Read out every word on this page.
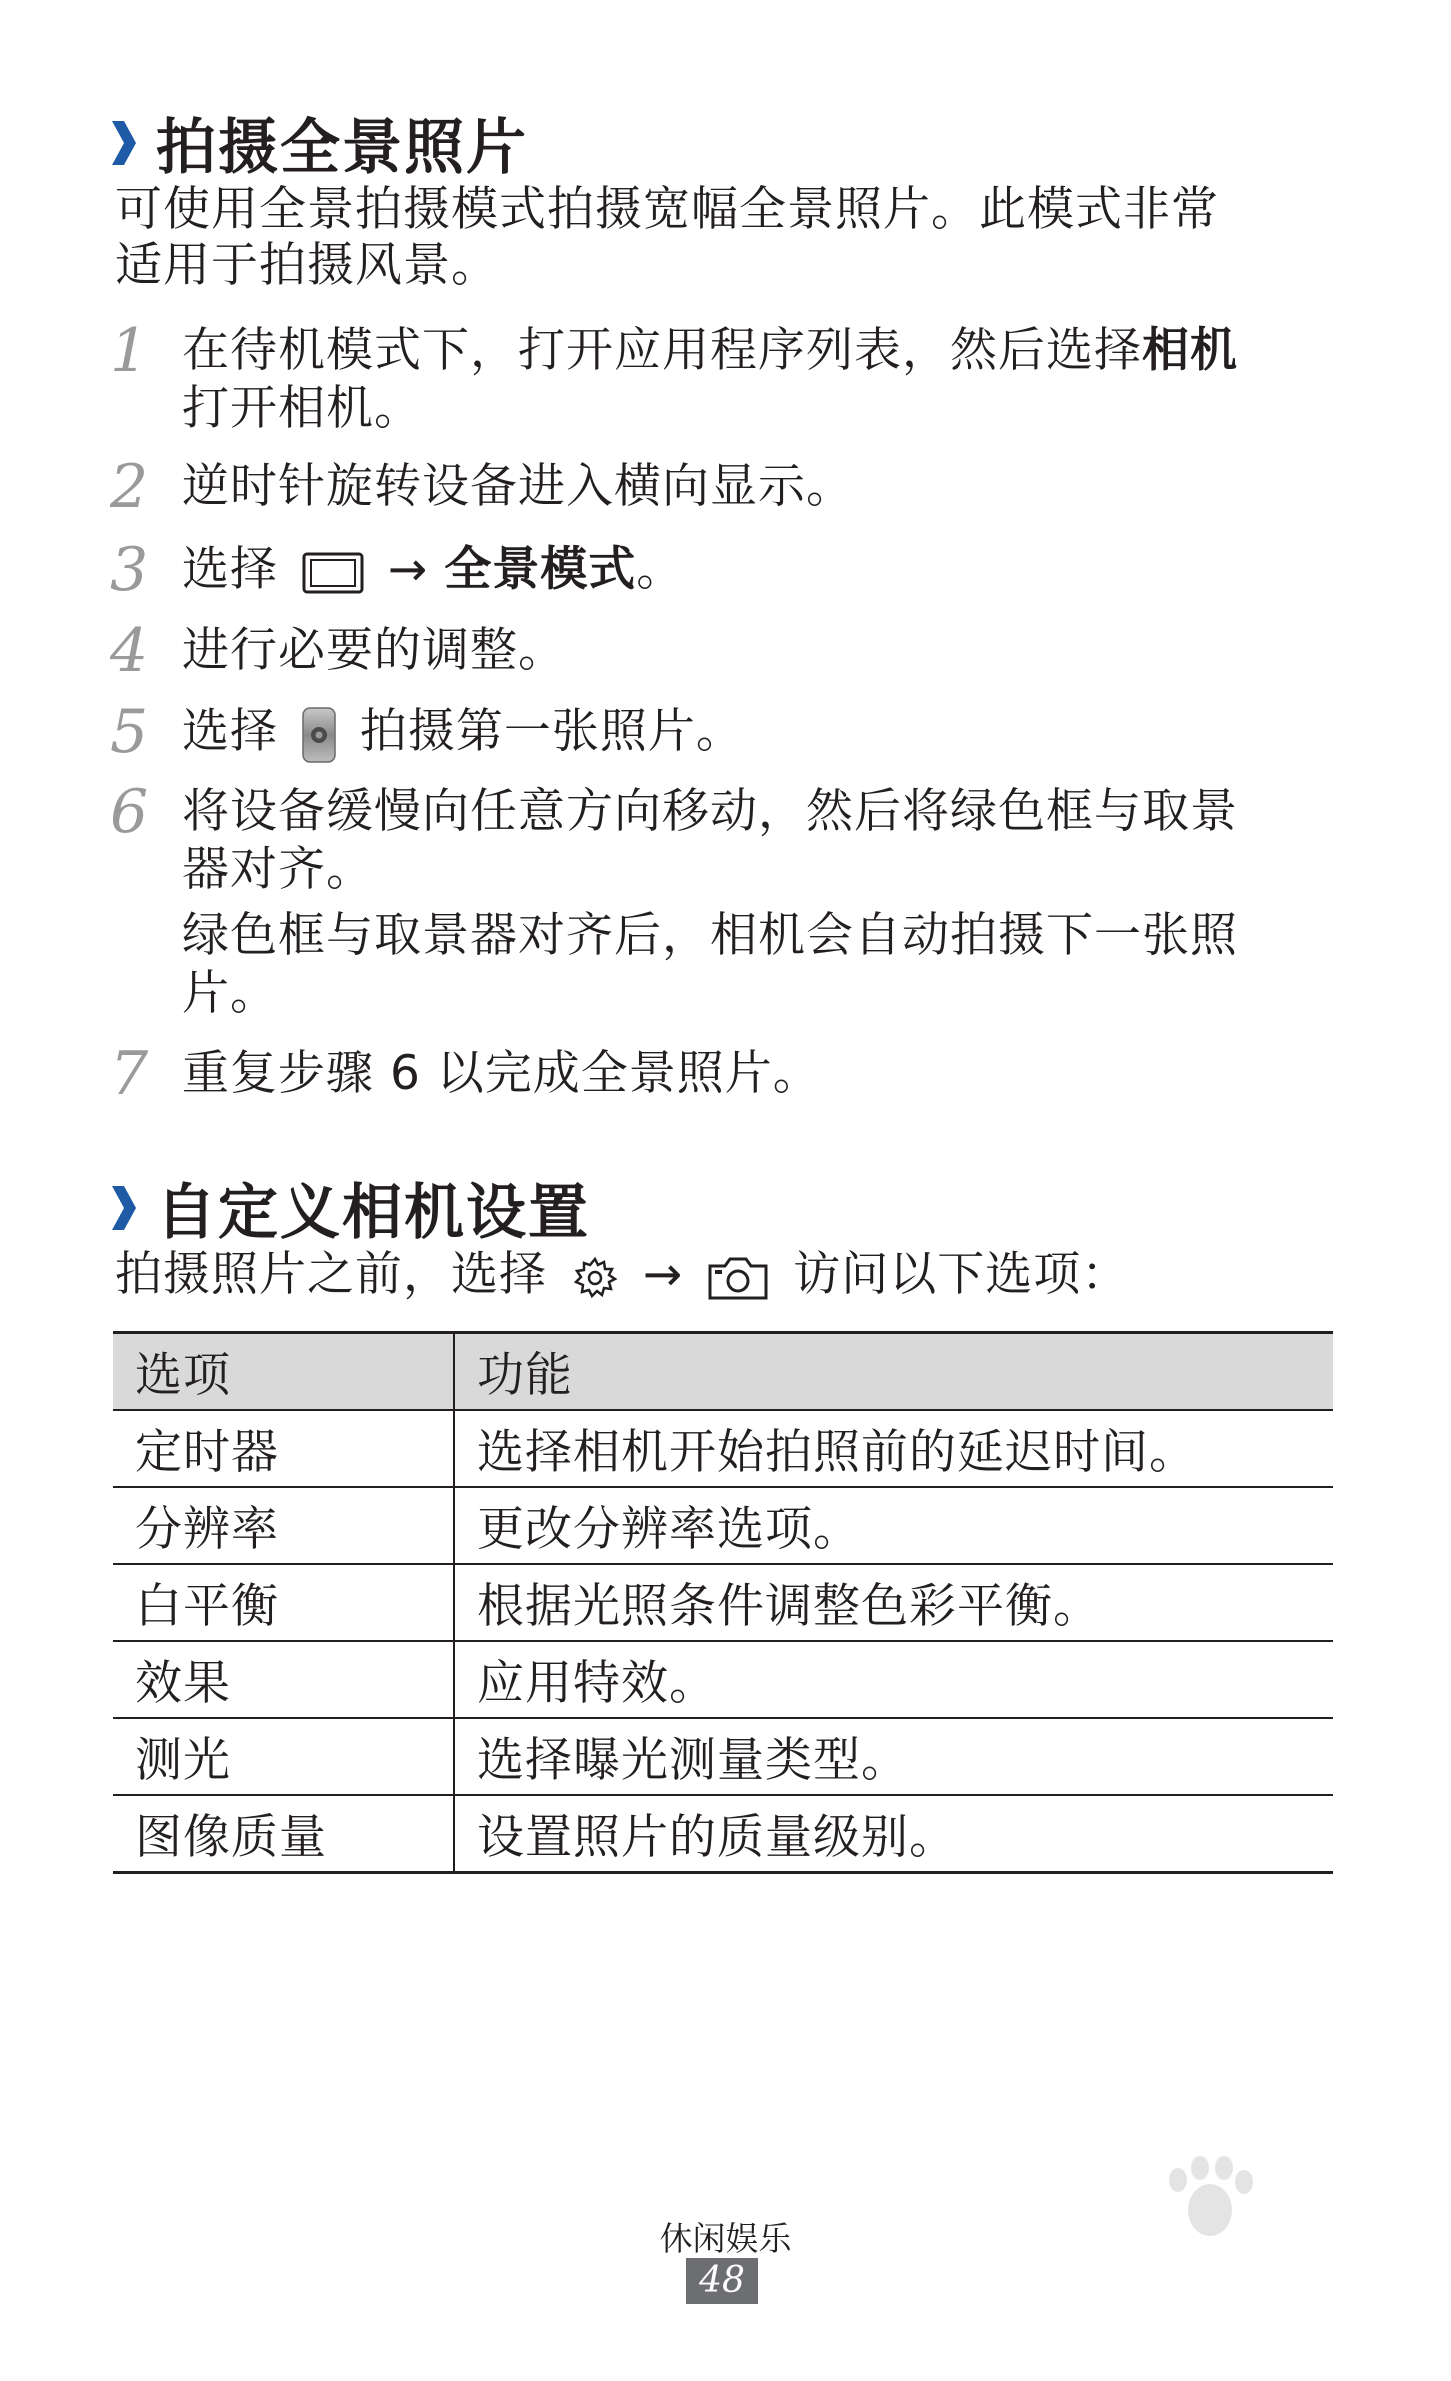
拍摄全景照片
可使用全景拍摄模式拍摄宽幅全景照片。此模式非常
适用于拍摄风景。
1 在待机模式下，打开应用程序列表，然后选择相机
打开相机。
2 逆时针旋转设备进入横向显示。
3 选择 → 全景模式。
4 进行必要的调整。
5 选择 拍摄第一张照片。
6 将设备缓慢向任意方向移动，然后将绿色框与取景
器对齐。
绿色框与取景器对齐后，相机会自动拍摄下一张照
片。
7 重复步骤 6 以完成全景照片。
自定义相机设置
拍摄照片之前，选择 → 访问以下选项：
选项	功能
定时器	选择相机开始拍照前的延迟时间。
分辨率	更改分辨率选项。
白平衡	根据光照条件调整色彩平衡。
效果	应用特效。
测光	选择曝光测量类型。
图像质量	设置照片的质量级别。
休闲娱乐
48
